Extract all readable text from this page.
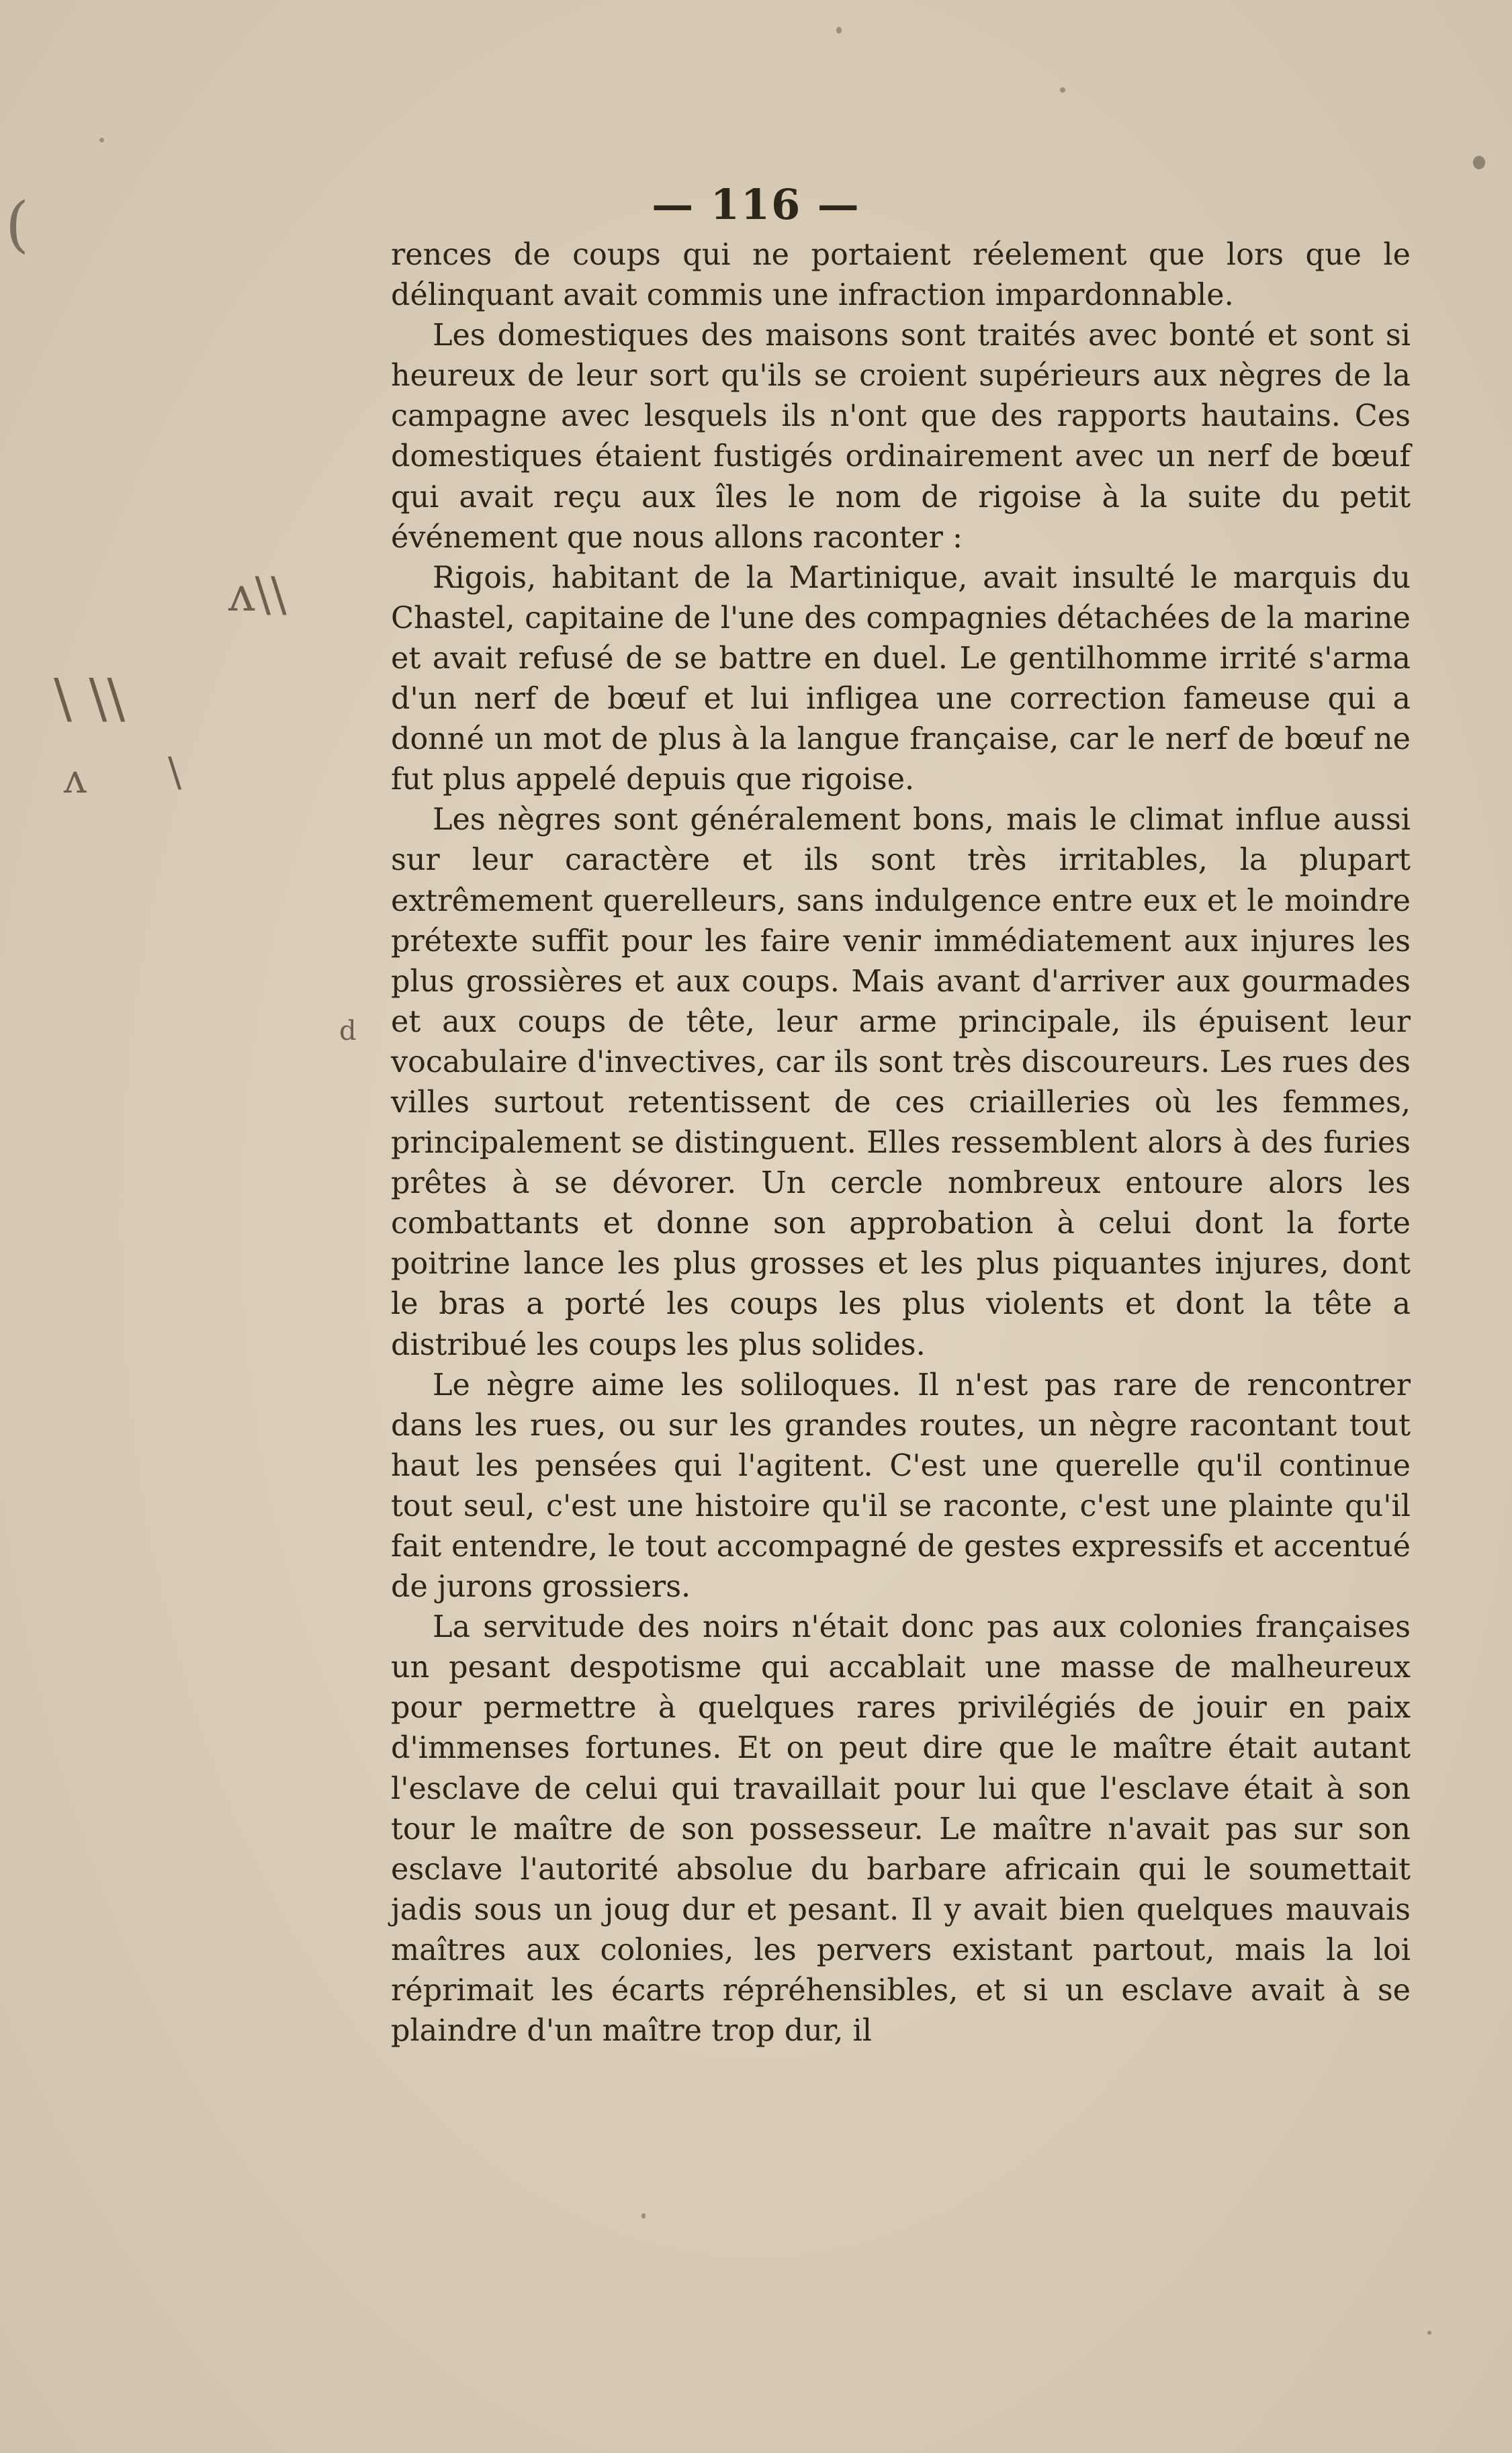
(
ʌ\\
\ \\
ʌ \
d
— 116 —

rences de coups qui ne portaient réelement que lors que le délinquant avait commis une infraction impardonnable.

Les domestiques des maisons sont traités avec bonté et sont si heureux de leur sort qu'ils se croient supérieurs aux nègres de la campagne avec lesquels ils n'ont que des rapports hautains. Ces domestiques étaient fustigés ordinairement avec un nerf de bœuf qui avait reçu aux îles le nom de rigoise à la suite du petit événement que nous allons raconter :

Rigois, habitant de la Martinique, avait insulté le marquis du Chastel, capitaine de l'une des compagnies détachées de la marine et avait refusé de se battre en duel. Le gentilhomme irrité s'arma d'un nerf de bœuf et lui infligea une correction fameuse qui a donné un mot de plus à la langue française, car le nerf de bœuf ne fut plus appelé depuis que rigoise.

Les nègres sont généralement bons, mais le climat influe aussi sur leur caractère et ils sont très irritables, la plupart extrêmement querelleurs, sans indulgence entre eux et le moindre prétexte suffit pour les faire venir immédiatement aux injures les plus grossières et aux coups. Mais avant d'arriver aux gourmades et aux coups de tête, leur arme principale, ils épuisent leur vocabulaire d'invectives, car ils sont très discoureurs. Les rues des villes surtout retentissent de ces criailleries où les femmes, principalement se distinguent. Elles ressemblent alors à des furies prêtes à se dévorer. Un cercle nombreux entoure alors les combattants et donne son approbation à celui dont la forte poitrine lance les plus grosses et les plus piquantes injures, dont le bras a porté les coups les plus violents et dont la tête a distribué les coups les plus solides.

Le nègre aime les soliloques. Il n'est pas rare de rencontrer dans les rues, ou sur les grandes routes, un nègre racontant tout haut les pensées qui l'agitent. C'est une querelle qu'il continue tout seul, c'est une histoire qu'il se raconte, c'est une plainte qu'il fait entendre, le tout accompagné de gestes expressifs et accentué de jurons grossiers.

La servitude des noirs n'était donc pas aux colonies françaises un pesant despotisme qui accablait une masse de malheureux pour permettre à quelques rares privilégiés de jouir en paix d'immenses fortunes. Et on peut dire que le maître était autant l'esclave de celui qui travaillait pour lui que l'esclave était à son tour le maître de son possesseur. Le maître n'avait pas sur son esclave l'autorité absolue du barbare africain qui le soumettait jadis sous un joug dur et pesant. Il y avait bien quelques mauvais maîtres aux colonies, les pervers existant partout, mais la loi réprimait les écarts répréhensibles, et si un esclave avait à se plaindre d'un maître trop dur, il
